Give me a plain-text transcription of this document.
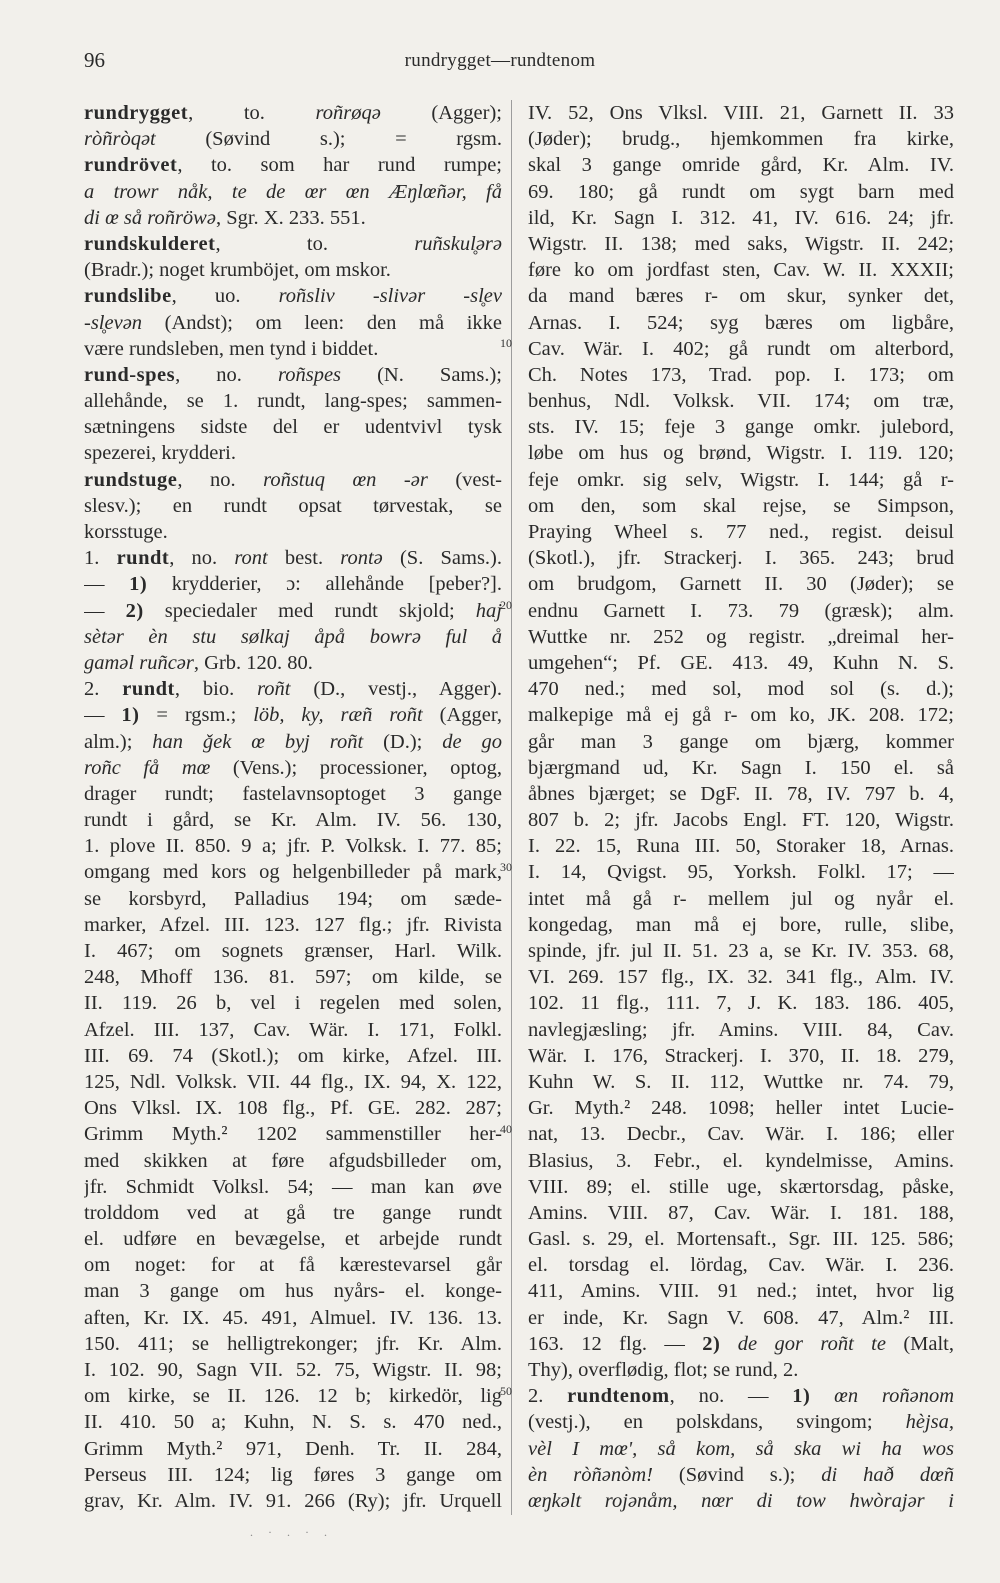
96	rundrygget—rundtenom
rundrygget, to. roñrøqə (Agger);
ròñròqət (Søvind s.); = rgsm.
rundrövet, to. som har rund rumpe;
a trowr nåk, te de œr œn Æŋlœñər, få
di œ så roñröwə, Sgr. X. 233. 551.
rundskulderet, to. ruñskul̥ərə
(Bradr.); noget krumböjet, om mskor.
rundslibe, uo. roñsliv -slivər -sl̥ev
-sl̥evən (Andst); om leen: den må ikke
være rundsleben, men tynd i biddet.
rund-spes, no. roñspes (N. Sams.);
allehånde, se 1. rundt, lang-spes; sammen-
sætningens sidste del er udentvivl tysk
spezerei, krydderi.
rundstuge, no. roñstuq œn -ər (vest-
slesv.); en rundt opsat tørvestak, se
korsstuge.
1. rundt, no. ront best. rontə (S. Sams.).
— 1) krydderier, ɔ: allehånde [peber?].
— 2) speciedaler med rundt skjold; haj
sètər èn stu sølkaj åpå bowrə ful å
gaməl ruñcər, Grb. 120. 80.
2. rundt, bio. roñt (D., vestj., Agger).
— 1) = rgsm.; löb, ky, ræñ roñt (Agger,
alm.); han ǧek œ byj roñt (D.); de go
roñc få mœ (Vens.); processioner, optog,
drager rundt; fastelavnsoptoget 3 gange
rundt i gård, se Kr. Alm. IV. 56. 130,
1. plove II. 850. 9 a; jfr. P. Volksk. I. 77. 85;
omgang med kors og helgenbilleder på mark,
se korsbyrd, Palladius 194; om sæde-
marker, Afzel. III. 123. 127 flg.; jfr. Rivista
I. 467; om sognets grænser, Harl. Wilk.
248, Mhoff 136. 81. 597; om kilde, se
II. 119. 26 b, vel i regelen med solen,
Afzel. III. 137, Cav. Wär. I. 171, Folkl.
III. 69. 74 (Skotl.); om kirke, Afzel. III.
125, Ndl. Volksk. VII. 44 flg., IX. 94, X. 122,
Ons Vlksl. IX. 108 flg., Pf. GE. 282. 287;
Grimm Myth.² 1202 sammenstiller her-
med skikken at føre afgudsbilleder om,
jfr. Schmidt Volksl. 54; — man kan øve
trolddom ved at gå tre gange rundt
el. udføre en bevægelse, et arbejde rundt
om noget: for at få kærestevarsel går
man 3 gange om hus nyårs- el. konge-
aften, Kr. IX. 45. 491, Almuel. IV. 136. 13.
150. 411; se helligtrekonger; jfr. Kr. Alm.
I. 102. 90, Sagn VII. 52. 75, Wigstr. II. 98;
om kirke, se II. 126. 12 b; kirkedör, lig
II. 410. 50 a; Kuhn, N. S. s. 470 ned.,
Grimm Myth.² 971, Denh. Tr. II. 284,
Perseus III. 124; lig føres 3 gange om
grav, Kr. Alm. IV. 91. 266 (Ry); jfr. Urquell
IV. 52, Ons Vlksl. VIII. 21, Garnett II. 33
(Jøder); brudg., hjemkommen fra kirke,
skal 3 gange omride gård, Kr. Alm. IV.
69. 180; gå rundt om sygt barn med
ild, Kr. Sagn I. 312. 41, IV. 616. 24; jfr.
Wigstr. II. 138; med saks, Wigstr. II. 242;
føre ko om jordfast sten, Cav. W. II. XXXII;
da mand bæres r- om skur, synker det,
Arnas. I. 524; syg bæres om ligbåre,
Cav. Wär. I. 402; gå rundt om alterbord,
Ch. Notes 173, Trad. pop. I. 173; om
benhus, Ndl. Volksk. VII. 174; om træ,
sts. IV. 15; feje 3 gange omkr. julebord,
løbe om hus og brønd, Wigstr. I. 119. 120;
feje omkr. sig selv, Wigstr. I. 144; gå r-
om den, som skal rejse, se Simpson,
Praying Wheel s. 77 ned., regist. deisul
(Skotl.), jfr. Strackerj. I. 365. 243; brud
om brudgom, Garnett II. 30 (Jøder); se
endnu Garnett I. 73. 79 (græsk); alm.
Wuttke nr. 252 og registr. „dreimal her-
umgehen“; Pf. GE. 413. 49, Kuhn N. S.
470 ned.; med sol, mod sol (s. d.);
malkepige må ej gå r- om ko, JK. 208. 172;
går man 3 gange om bjærg, kommer
bjærgmand ud, Kr. Sagn I. 150 el. så
åbnes bjærget; se DgF. II. 78, IV. 797 b. 4,
807 b. 2; jfr. Jacobs Engl. FT. 120, Wigstr.
I. 22. 15, Runa III. 50, Storaker 18, Arnas.
I. 14, Qvigst. 95, Yorksh. Folkl. 17; —
intet må gå r- mellem jul og nyår el.
kongedag, man må ej bore, rulle, slibe,
spinde, jfr. jul II. 51. 23 a, se Kr. IV. 353. 68,
VI. 269. 157 flg., IX. 32. 341 flg., Alm. IV.
102. 11 flg., 111. 7, J. K. 183. 186. 405,
navlegjæsling; jfr. Amins. VIII. 84, Cav.
Wär. I. 176, Strackerj. I. 370, II. 18. 279,
Kuhn W. S. II. 112, Wuttke nr. 74. 79,
Gr. Myth.² 248. 1098; heller intet Lucie-
nat, 13. Decbr., Cav. Wär. I. 186; eller
Blasius, 3. Febr., el. kyndelmisse, Amins.
VIII. 89; el. stille uge, skærtorsdag, påske,
Amins. VIII. 87, Cav. Wär. I. 181. 188,
Gasl. s. 29, el. Mortensaft., Sgr. III. 125. 586;
el. torsdag el. lördag, Cav. Wär. I. 236.
411, Amins. VIII. 91 ned.; intet, hvor lig
er inde, Kr. Sagn V. 608. 47, Alm.² III.
163. 12 flg. — 2) de gor roñt te (Malt,
Thy), overflødig, flot; se rund, 2.
2. rundtenom, no. — 1) œn roñənom
(vestj.), en polskdans, svingom; hèjsa,
vèl I mœ', så kom, så ska wi ha wos
èn ròñənòm! (Søvind s.); di hað dœñ
œŋkəlt rojənåm, nœr di tow hwòrajər i
10
20
30
40
50
. · . · .
